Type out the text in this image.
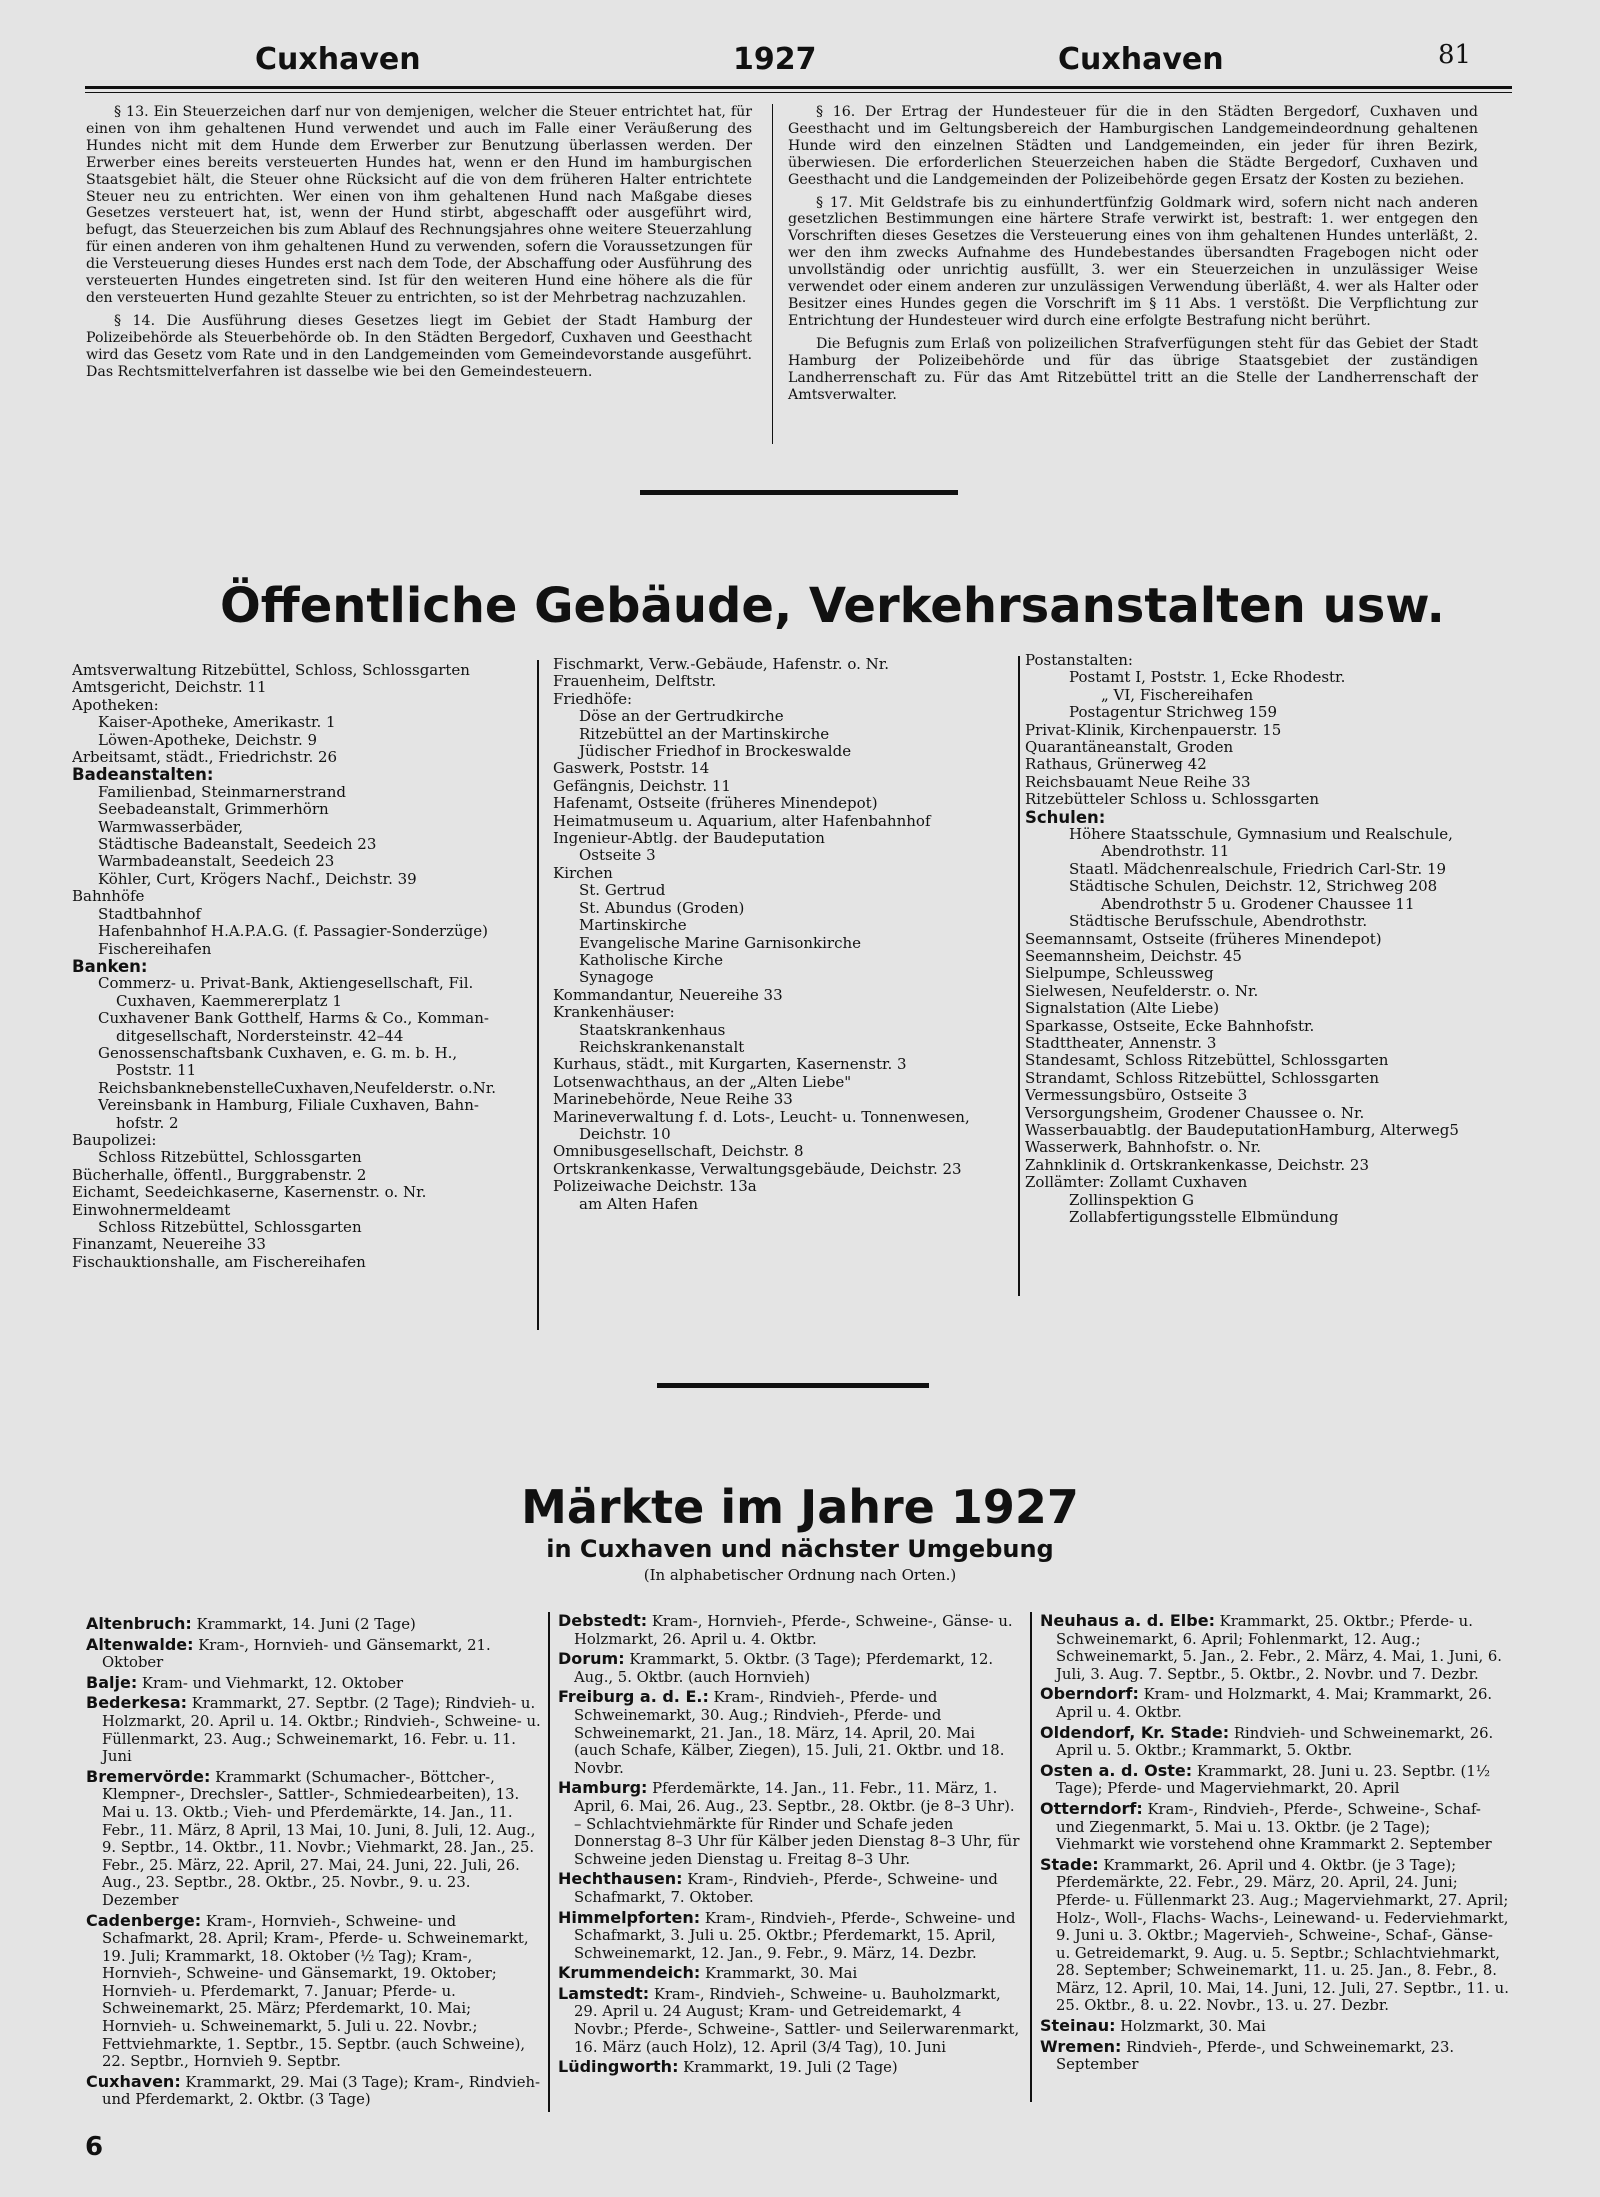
Cuxhaven	1927	Cuxhaven	81

§ 13. Ein Steuerzeichen darf nur von demjenigen, welcher die Steuer entrichtet hat, für einen von ihm gehaltenen Hund verwendet und auch im Falle einer Veräußerung des Hundes nicht mit dem Hunde dem Erwerber zur Benutzung überlassen werden. Der Erwerber eines bereits versteuerten Hundes hat, wenn er den Hund im hamburgischen Staatsgebiet hält, die Steuer ohne Rücksicht auf die von dem früheren Halter entrichtete Steuer neu zu entrichten. Wer einen von ihm gehaltenen Hund nach Maßgabe dieses Gesetzes versteuert hat, ist, wenn der Hund stirbt, abgeschafft oder ausgeführt wird, befugt, das Steuerzeichen bis zum Ablauf des Rechnungsjahres ohne weitere Steuerzahlung für einen anderen von ihm gehaltenen Hund zu verwenden, sofern die Voraussetzungen für die Versteuerung dieses Hundes erst nach dem Tode, der Abschaffung oder Ausführung des versteuerten Hundes eingetreten sind. Ist für den weiteren Hund eine höhere als die für den versteuerten Hund gezahlte Steuer zu entrichten, so ist der Mehrbetrag nachzuzahlen.

§ 14. Die Ausführung dieses Gesetzes liegt im Gebiet der Stadt Hamburg der Polizeibehörde als Steuerbehörde ob. In den Städten Bergedorf, Cuxhaven und Geesthacht wird das Gesetz vom Rate und in den Landgemeinden vom Gemeindevorstande ausgeführt. Das Rechtsmittelverfahren ist dasselbe wie bei den Gemeindesteuern.

§ 16. Der Ertrag der Hundesteuer für die in den Städten Bergedorf, Cuxhaven und Geesthacht und im Geltungsbereich der Hamburgischen Landgemeindeordnung gehaltenen Hunde wird den einzelnen Städten und Landgemeinden, ein jeder für ihren Bezirk, überwiesen. Die erforderlichen Steuerzeichen haben die Städte Bergedorf, Cuxhaven und Geesthacht und die Landgemeinden der Polizeibehörde gegen Ersatz der Kosten zu beziehen.

§ 17. Mit Geldstrafe bis zu einhundertfünfzig Goldmark wird, sofern nicht nach anderen gesetzlichen Bestimmungen eine härtere Strafe verwirkt ist, bestraft: 1. wer entgegen den Vorschriften dieses Gesetzes die Versteuerung eines von ihm gehaltenen Hundes unterläßt, 2. wer den ihm zwecks Aufnahme des Hundebestandes übersandten Fragebogen nicht oder unvollständig oder unrichtig ausfüllt, 3. wer ein Steuerzeichen in unzulässiger Weise verwendet oder einem anderen zur unzulässigen Verwendung überläßt, 4. wer als Halter oder Besitzer eines Hundes gegen die Vorschrift im § 11 Abs. 1 verstößt. Die Verpflichtung zur Entrichtung der Hundesteuer wird durch eine erfolgte Bestrafung nicht berührt.

Die Befugnis zum Erlaß von polizeilichen Strafverfügungen steht für das Gebiet der Stadt Hamburg der Polizeibehörde und für das übrige Staatsgebiet der zuständigen Landherrenschaft zu. Für das Amt Ritzebüttel tritt an die Stelle der Landherrenschaft der Amtsverwalter.

Öffentliche Gebäude, Verkehrsanstalten usw.
Amtsverwaltung Ritzebüttel, Schloss, Schlossgarten
Amtsgericht, Deichstr. 11
Apotheken:
Kaiser-Apotheke, Amerikastr. 1
Löwen-Apotheke, Deichstr. 9
Arbeitsamt, städt., Friedrichstr. 26
Badeanstalten:
Familienbad, Steinmarnerstrand
Seebadeanstalt, Grimmerhörn
Warmwasserbäder,
Städtische Badeanstalt, Seedeich 23
Warmbadeanstalt, Seedeich 23
Köhler, Curt, Krögers Nachf., Deichstr. 39
Bahnhöfe
Stadtbahnhof
Hafenbahnhof H.A.P.A.G. (f. Passagier-Sonderzüge)
Fischereihafen
Banken:
Commerz- u. Privat-Bank, Aktiengesellschaft, Fil.
Cuxhaven, Kaemmererplatz 1
Cuxhavener Bank Gotthelf, Harms & Co., Komman-
ditgesellschaft, Nordersteinstr. 42–44
Genossenschaftsbank Cuxhaven, e. G. m. b. H.,
Poststr. 11
ReichsbanknebenstelleCuxhaven,Neufelderstr. o.Nr.
Vereinsbank in Hamburg, Filiale Cuxhaven, Bahn-
hofstr. 2
Baupolizei:
Schloss Ritzebüttel, Schlossgarten
Bücherhalle, öffentl., Burggrabenstr. 2
Eichamt, Seedeichkaserne, Kasernenstr. o. Nr.
Einwohnermeldeamt
Schloss Ritzebüttel, Schlossgarten
Finanzamt, Neuereihe 33
Fischauktionshalle, am Fischereihafen
Fischmarkt, Verw.-Gebäude, Hafenstr. o. Nr.
Frauenheim, Delftstr.
Friedhöfe:
Döse an der Gertrudkirche
Ritzebüttel an der Martinskirche
Jüdischer Friedhof in Brockeswalde
Gaswerk, Poststr. 14
Gefängnis, Deichstr. 11
Hafenamt, Ostseite (früheres Minendepot)
Heimatmuseum u. Aquarium, alter Hafenbahnhof
Ingenieur-Abtlg. der Baudeputation
Ostseite 3
Kirchen
St. Gertrud
St. Abundus (Groden)
Martinskirche
Evangelische Marine Garnisonkirche
Katholische Kirche
Synagoge
Kommandantur, Neuereihe 33
Krankenhäuser:
Staatskrankenhaus
Reichskrankenanstalt
Kurhaus, städt., mit Kurgarten, Kasernenstr. 3
Lotsenwachthaus, an der „Alten Liebe"
Marinebehörde, Neue Reihe 33
Marineverwaltung f. d. Lots-, Leucht- u. Tonnenwesen,
Deichstr. 10
Omnibusgesellschaft, Deichstr. 8
Ortskrankenkasse, Verwaltungsgebäude, Deichstr. 23
Polizeiwache Deichstr. 13a
am Alten Hafen
Postanstalten:
Postamt I, Poststr. 1, Ecke Rhodestr.
„ VI, Fischereihafen
Postagentur Strichweg 159
Privat-Klinik, Kirchenpauerstr. 15
Quarantäneanstalt, Groden
Rathaus, Grünerweg 42
Reichsbauamt Neue Reihe 33
Ritzebütteler Schloss u. Schlossgarten
Schulen:
Höhere Staatsschule, Gymnasium und Realschule,
Abendrothstr. 11
Staatl. Mädchenrealschule, Friedrich Carl-Str. 19
Städtische Schulen, Deichstr. 12, Strichweg 208
Abendrothstr 5 u. Grodener Chaussee 11
Städtische Berufsschule, Abendrothstr.
Seemannsamt, Ostseite (früheres Minendepot)
Seemannsheim, Deichstr. 45
Sielpumpe, Schleussweg
Sielwesen, Neufelderstr. o. Nr.
Signalstation (Alte Liebe)
Sparkasse, Ostseite, Ecke Bahnhofstr.
Stadttheater, Annenstr. 3
Standesamt, Schloss Ritzebüttel, Schlossgarten
Strandamt, Schloss Ritzebüttel, Schlossgarten
Vermessungsbüro, Ostseite 3
Versorgungsheim, Grodener Chaussee o. Nr.
Wasserbauabtlg. der BaudeputationHamburg, Alterweg5
Wasserwerk, Bahnhofstr. o. Nr.
Zahnklinik d. Ortskrankenkasse, Deichstr. 23
Zollämter: Zollamt Cuxhaven
Zollinspektion G
Zollabfertigungsstelle Elbmündung
Märkte im Jahre 1927
in Cuxhaven und nächster Umgebung
(In alphabetischer Ordnung nach Orten.)
Altenbruch: Krammarkt, 14. Juni (2 Tage)
Altenwalde: Kram-, Hornvieh- und Gänsemarkt, 21. Oktober
Balje: Kram- und Viehmarkt, 12. Oktober
Bederkesa: Krammarkt, 27. Septbr. (2 Tage); Rindvieh- u. Holzmarkt, 20. April u. 14. Oktbr.; Rindvieh-, Schweine- u. Füllenmarkt, 23. Aug.; Schweinemarkt, 16. Febr. u. 11. Juni
Bremervörde: Krammarkt (Schumacher-, Böttcher-, Klempner-, Drechsler-, Sattler-, Schmiedearbeiten), 13. Mai u. 13. Oktb.; Vieh- und Pferdemärkte, 14. Jan., 11. Febr., 11. März, 8 April, 13 Mai, 10. Juni, 8. Juli, 12. Aug., 9. Septbr., 14. Oktbr., 11. Novbr.; Viehmarkt, 28. Jan., 25. Febr., 25. März, 22. April, 27. Mai, 24. Juni, 22. Juli, 26. Aug., 23. Septbr., 28. Oktbr., 25. Novbr., 9. u. 23. Dezember
Cadenberge: Kram-, Hornvieh-, Schweine- und Schafmarkt, 28. April; Kram-, Pferde- u. Schweinemarkt, 19. Juli; Krammarkt, 18. Oktober (½ Tag); Kram-, Hornvieh-, Schweine- und Gänsemarkt, 19. Oktober; Hornvieh- u. Pferdemarkt, 7. Januar; Pferde- u. Schweinemarkt, 25. März; Pferdemarkt, 10. Mai; Hornvieh- u. Schweinemarkt, 5. Juli u. 22. Novbr.; Fettviehmarkte, 1. Septbr., 15. Septbr. (auch Schweine), 22. Septbr., Hornvieh 9. Septbr.
Cuxhaven: Krammarkt, 29. Mai (3 Tage); Kram-, Rindvieh- und Pferdemarkt, 2. Oktbr. (3 Tage)
Debstedt: Kram-, Hornvieh-, Pferde-, Schweine-, Gänse- u. Holzmarkt, 26. April u. 4. Oktbr.
Dorum: Krammarkt, 5. Oktbr. (3 Tage); Pferdemarkt, 12. Aug., 5. Oktbr. (auch Hornvieh)
Freiburg a. d. E.: Kram-, Rindvieh-, Pferde- und Schweinemarkt, 30. Aug.; Rindvieh-, Pferde- und Schweinemarkt, 21. Jan., 18. März, 14. April, 20. Mai (auch Schafe, Kälber, Ziegen), 15. Juli, 21. Oktbr. und 18. Novbr.
Hamburg: Pferdemärkte, 14. Jan., 11. Febr., 11. März, 1. April, 6. Mai, 26. Aug., 23. Septbr., 28. Oktbr. (je 8–3 Uhr). – Schlachtviehmärkte für Rinder und Schafe jeden Donnerstag 8–3 Uhr für Kälber jeden Dienstag 8–3 Uhr, für Schweine jeden Dienstag u. Freitag 8–3 Uhr.
Hechthausen: Kram-, Rindvieh-, Pferde-, Schweine- und Schafmarkt, 7. Oktober.
Himmelpforten: Kram-, Rindvieh-, Pferde-, Schweine- und Schafmarkt, 3. Juli u. 25. Oktbr.; Pferdemarkt, 15. April, Schweinemarkt, 12. Jan., 9. Febr., 9. März, 14. Dezbr.
Krummendeich: Krammarkt, 30. Mai
Lamstedt: Kram-, Rindvieh-, Schweine- u. Bauholzmarkt, 29. April u. 24 August; Kram- und Getreidemarkt, 4 Novbr.; Pferde-, Schweine-, Sattler- und Seilerwarenmarkt, 16. März (auch Holz), 12. April (3/4 Tag), 10. Juni
Lüdingworth: Krammarkt, 19. Juli (2 Tage)
Neuhaus a. d. Elbe: Krammarkt, 25. Oktbr.; Pferde- u. Schweinemarkt, 6. April; Fohlenmarkt, 12. Aug.; Schweinemarkt, 5. Jan., 2. Febr., 2. März, 4. Mai, 1. Juni, 6. Juli, 3. Aug. 7. Septbr., 5. Oktbr., 2. Novbr. und 7. Dezbr.
Oberndorf: Kram- und Holzmarkt, 4. Mai; Krammarkt, 26. April u. 4. Oktbr.
Oldendorf, Kr. Stade: Rindvieh- und Schweinemarkt, 26. April u. 5. Oktbr.; Krammarkt, 5. Oktbr.
Osten a. d. Oste: Krammarkt, 28. Juni u. 23. Septbr. (1½ Tage); Pferde- und Magerviehmarkt, 20. April
Otterndorf: Kram-, Rindvieh-, Pferde-, Schweine-, Schaf- und Ziegenmarkt, 5. Mai u. 13. Oktbr. (je 2 Tage); Viehmarkt wie vorstehend ohne Krammarkt 2. September
Stade: Krammarkt, 26. April und 4. Oktbr. (je 3 Tage); Pferdemärkte, 22. Febr., 29. März, 20. April, 24. Juni; Pferde- u. Füllenmarkt 23. Aug.; Magerviehmarkt, 27. April; Holz-, Woll-, Flachs- Wachs-, Leinewand- u. Federviehmarkt, 9. Juni u. 3. Oktbr.; Magervieh-, Schweine-, Schaf-, Gänse- u. Getreidemarkt, 9. Aug. u. 5. Septbr.; Schlachtviehmarkt, 28. September; Schweinemarkt, 11. u. 25. Jan., 8. Febr., 8. März, 12. April, 10. Mai, 14. Juni, 12. Juli, 27. Septbr., 11. u. 25. Oktbr., 8. u. 22. Novbr., 13. u. 27. Dezbr.
Steinau: Holzmarkt, 30. Mai
Wremen: Rindvieh-, Pferde-, und Schweinemarkt, 23. September
6
